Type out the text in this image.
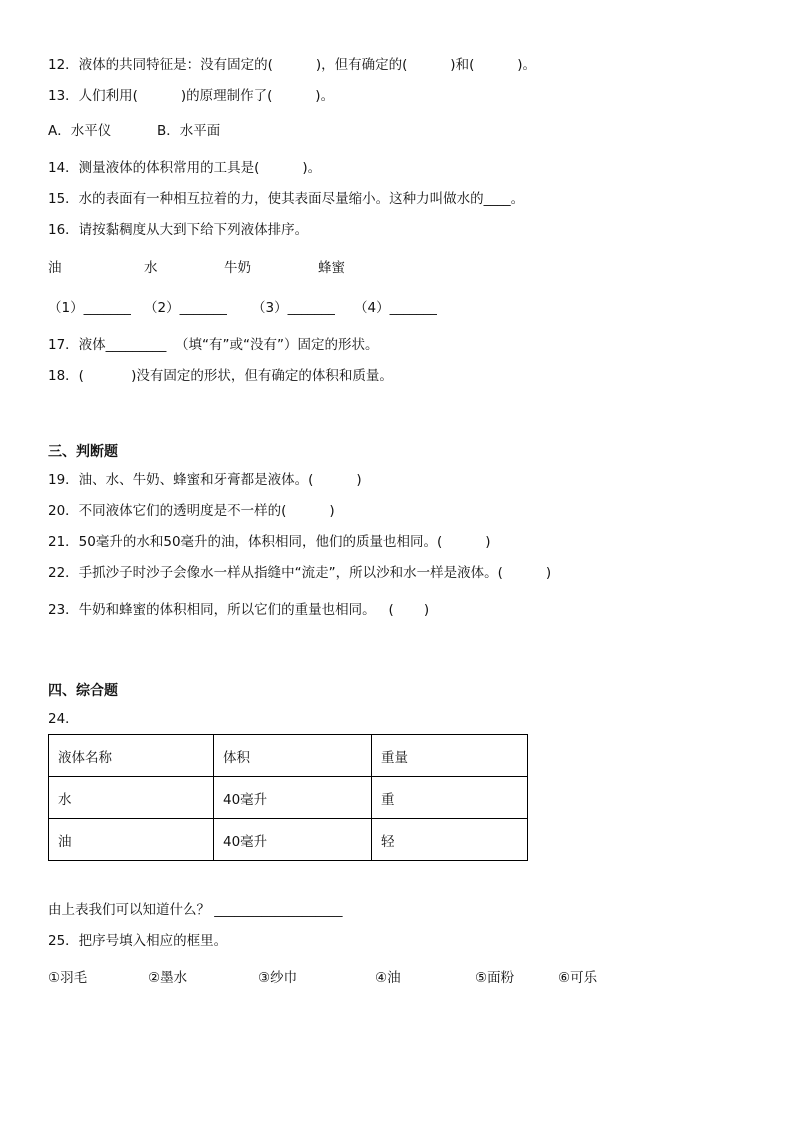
12．液体的共同特征是：没有固定的(          )，但有确定的(          )和(          )。
13．人们利用(          )的原理制作了(          )。
A．水平仪	B．水平面
14．测量液体的体积常用的工具是(          )。
15．水的表面有一种相互拉着的力，使其表面尽量缩小。这种力叫做水的____。
16．请按黏稠度从大到下给下列液体排序。
油	水	牛奶	蜂蜜
（1）_______ （2）_______ （3）_______ （4）_______
17．液体_________  （填“有”或“没有”）固定的形状。
18．(           )没有固定的形状，但有确定的体积和质量。
三、判断题
19．油、水、牛奶、蜂蜜和牙膏都是液体。(          )
20．不同液体它们的透明度是不一样的(          )
21．50毫升的水和50毫升的油，体积相同，他们的质量也相同。(          )
22．手抓沙子时沙子会像水一样从指缝中“流走”，所以沙和水一样是液体。(          )
23．牛奶和蜂蜜的体积相同，所以它们的重量也相同。   (       )
四、综合题
24．
液体名称	体积	重量
水	40毫升	重
油	40毫升	轻
由上表我们可以知道什么？ ___________________
25．把序号填入相应的框里。
①羽毛	②墨水	③纱巾	④油	⑤面粉	⑥可乐
